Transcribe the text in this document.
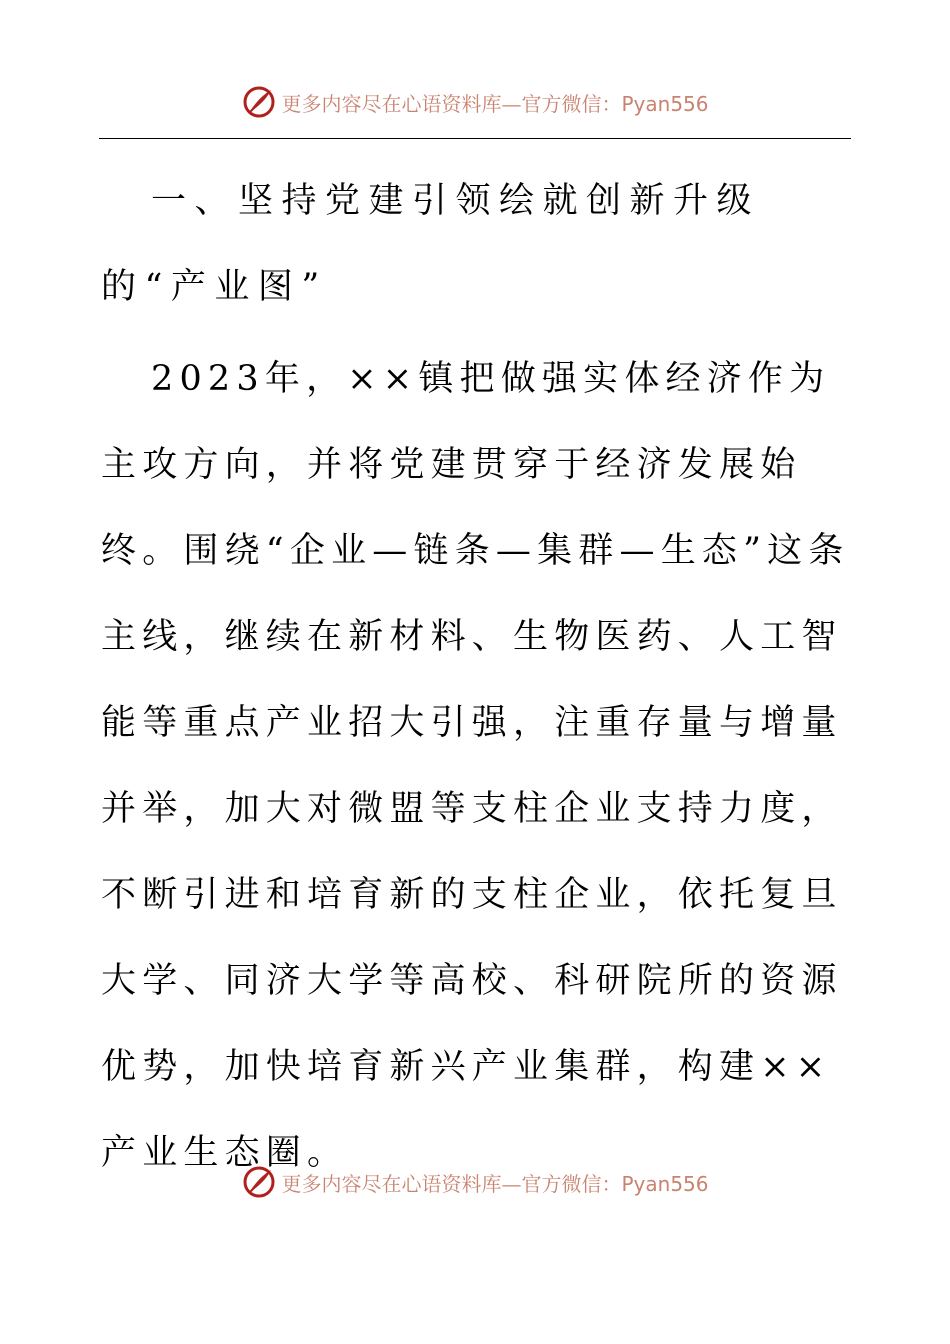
更多内容尽在心语资料库—官方微信：Pyan556

一、坚持党建引领绘就创新升级的“产业图”

2023年，××镇把做强实体经济作为主攻方向，并将党建贯穿于经济发展始终。围绕“企业—链条—集群—生态”这条主线，继续在新材料、生物医药、人工智能等重点产业招大引强，注重存量与增量并举，加大对微盟等支柱企业支持力度，不断引进和培育新的支柱企业，依托复旦大学、同济大学等高校、科研院所的资源优势，加快培育新兴产业集群，构建××产业生态圈。

更多内容尽在心语资料库—官方微信：Pyan556
